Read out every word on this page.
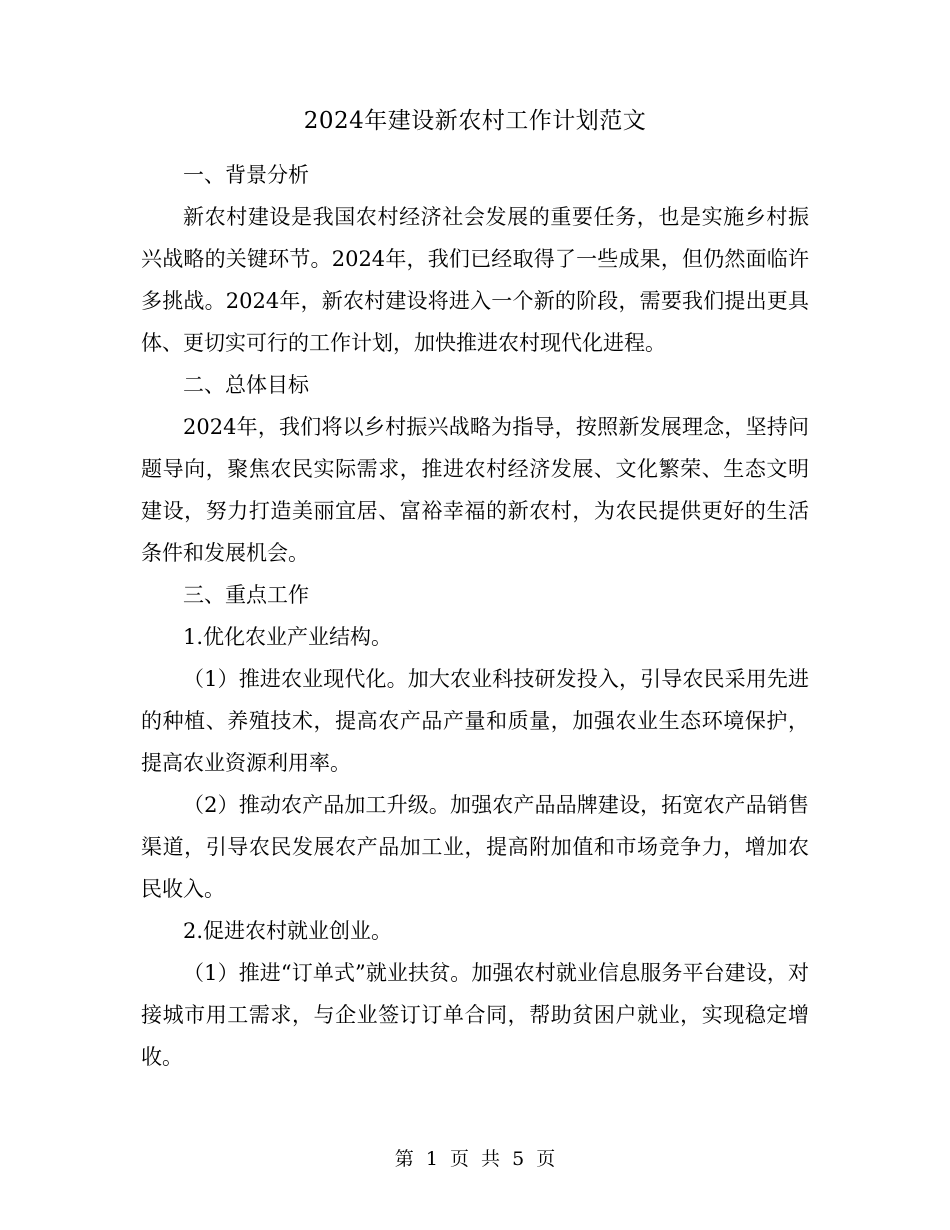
2024年建设新农村工作计划范文

一、背景分析

新农村建设是我国农村经济社会发展的重要任务，也是实施乡村振兴战略的关键环节。2024年，我们已经取得了一些成果，但仍然面临许多挑战。2024年，新农村建设将进入一个新的阶段，需要我们提出更具体、更切实可行的工作计划，加快推进农村现代化进程。

二、总体目标

2024年，我们将以乡村振兴战略为指导，按照新发展理念，坚持问题导向，聚焦农民实际需求，推进农村经济发展、文化繁荣、生态文明建设，努力打造美丽宜居、富裕幸福的新农村，为农民提供更好的生活条件和发展机会。

三、重点工作

1.优化农业产业结构。

（1）推进农业现代化。加大农业科技研发投入，引导农民采用先进的种植、养殖技术，提高农产品产量和质量，加强农业生态环境保护，提高农业资源利用率。

（2）推动农产品加工升级。加强农产品品牌建设，拓宽农产品销售渠道，引导农民发展农产品加工业，提高附加值和市场竞争力，增加农民收入。

2.促进农村就业创业。

（1）推进“订单式”就业扶贫。加强农村就业信息服务平台建设，对接城市用工需求，与企业签订订单合同，帮助贫困户就业，实现稳定增收。

第 1 页 共 5 页
